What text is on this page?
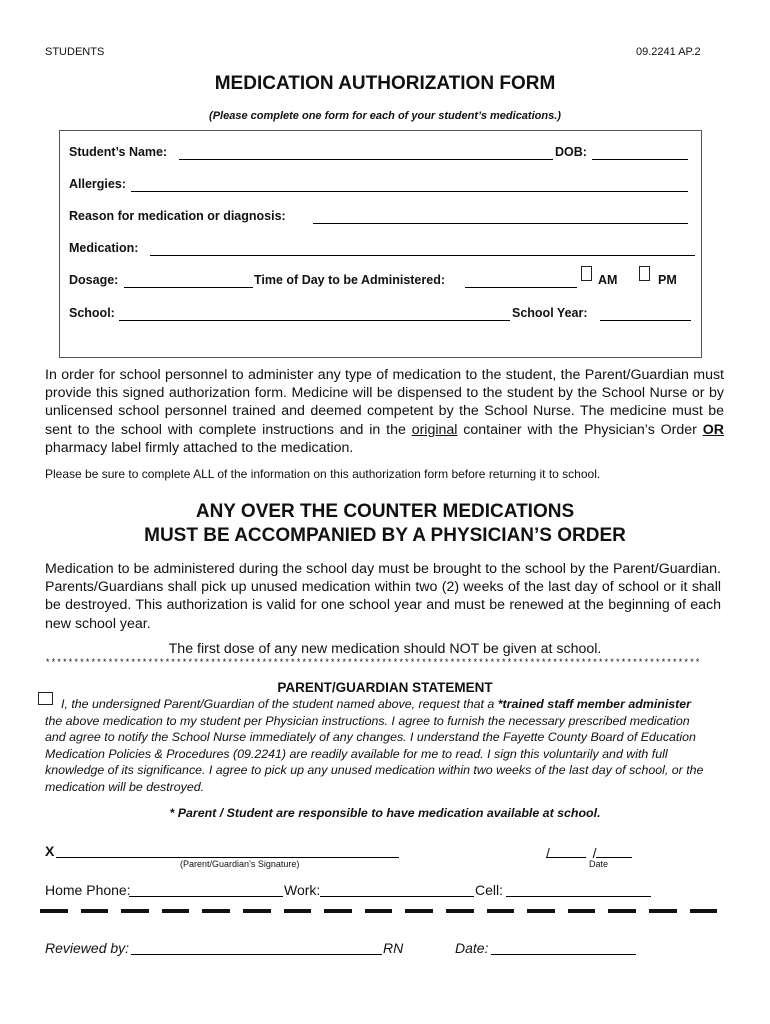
STUDENTS	09.2241 AP.2
MEDICATION AUTHORIZATION FORM
(Please complete one form for each of your student’s medications.)
Student’s Name:	DOB:
Allergies:
Reason for medication or diagnosis:
Medication:
Dosage:	Time of Day to be Administered:	AM	PM
School:	School Year:
In order for school personnel to administer any type of medication to the student, the Parent/Guardian must provide this signed authorization form. Medicine will be dispensed to the student by the School Nurse or by unlicensed school personnel trained and deemed competent by the School Nurse. The medicine must be sent to the school with complete instructions and in the original container with the Physician’s Order OR pharmacy label firmly attached to the medication.
Please be sure to complete ALL of the information on this authorization form before returning it to school.
ANY OVER THE COUNTER MEDICATIONS
MUST BE ACCOMPANIED BY A PHYSICIAN’S ORDER
Medication to be administered during the school day must be brought to the school by the Parent/Guardian. Parents/Guardians shall pick up unused medication within two (2) weeks of the last day of school or it shall be destroyed. This authorization is valid for one school year and must be renewed at the beginning of each new school year.
The first dose of any new medication should NOT be given at school.
*******************************************************************************************************************
PARENT/GUARDIAN STATEMENT
I, the undersigned Parent/Guardian of the student named above, request that a *trained staff member administer the above medication to my student per Physician instructions. I agree to furnish the necessary prescribed medication and agree to notify the School Nurse immediately of any changes. I understand the Fayette County Board of Education Medication Policies & Procedures (09.2241) are readily available for me to read. I sign this voluntarily and with full knowledge of its significance. I agree to pick up any unused medication within two weeks of the last day of school, or the medication will be destroyed.
* Parent / Student are responsible to have medication available at school.
X
(Parent/Guardian’s Signature)
/           /
Date
Home Phone:	Work:	Cell:
Reviewed by:	RN	Date:
